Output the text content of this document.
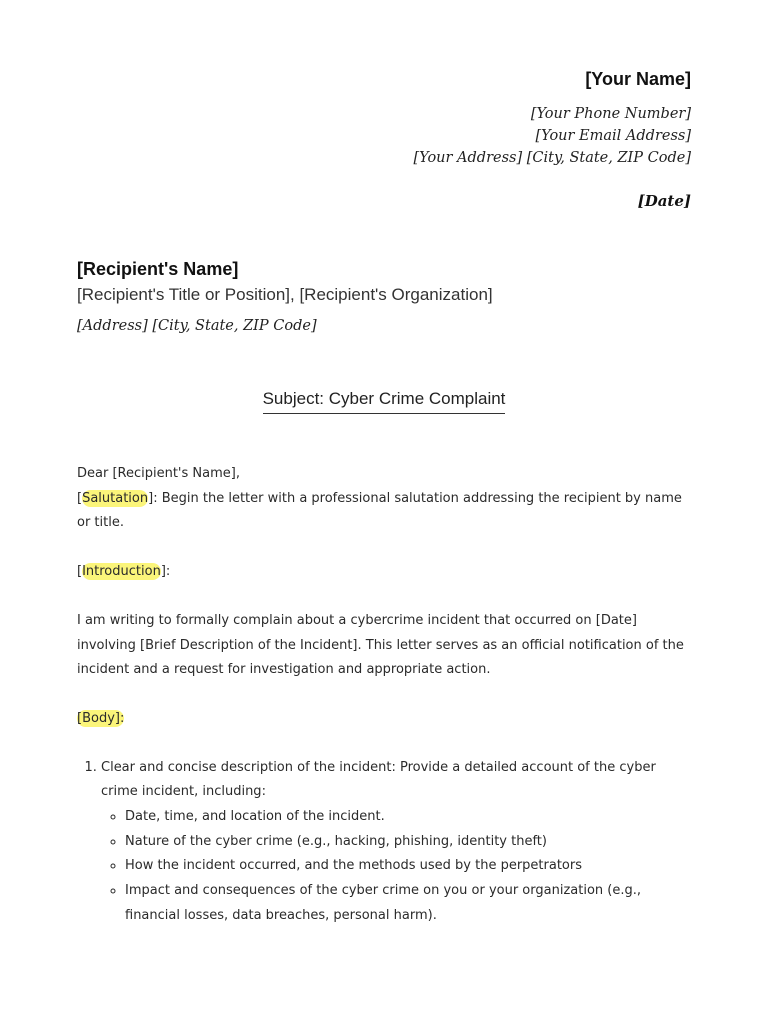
[Your Name]
[Your Phone Number]
[Your Email Address]
[Your Address] [City, State, ZIP Code]
[Date]
[Recipient's Name]
[Recipient's Title or Position], [Recipient's Organization]
[Address] [City, State, ZIP Code]
Subject: Cyber Crime Complaint

Dear [Recipient's Name],

[Salutation]: Begin the letter with a professional salutation addressing the recipient by name or title.

[Introduction]:

I am writing to formally complain about a cybercrime incident that occurred on [Date] involving [Brief Description of the Incident]. This letter serves as an official notification of the incident and a request for investigation and appropriate action.

[Body]:

1. Clear and concise description of the incident: Provide a detailed account of the cyber crime incident, including:
◦ Date, time, and location of the incident.
◦ Nature of the cyber crime (e.g., hacking, phishing, identity theft)
◦ How the incident occurred, and the methods used by the perpetrators
◦ Impact and consequences of the cyber crime on you or your organization (e.g., financial losses, data breaches, personal harm).
